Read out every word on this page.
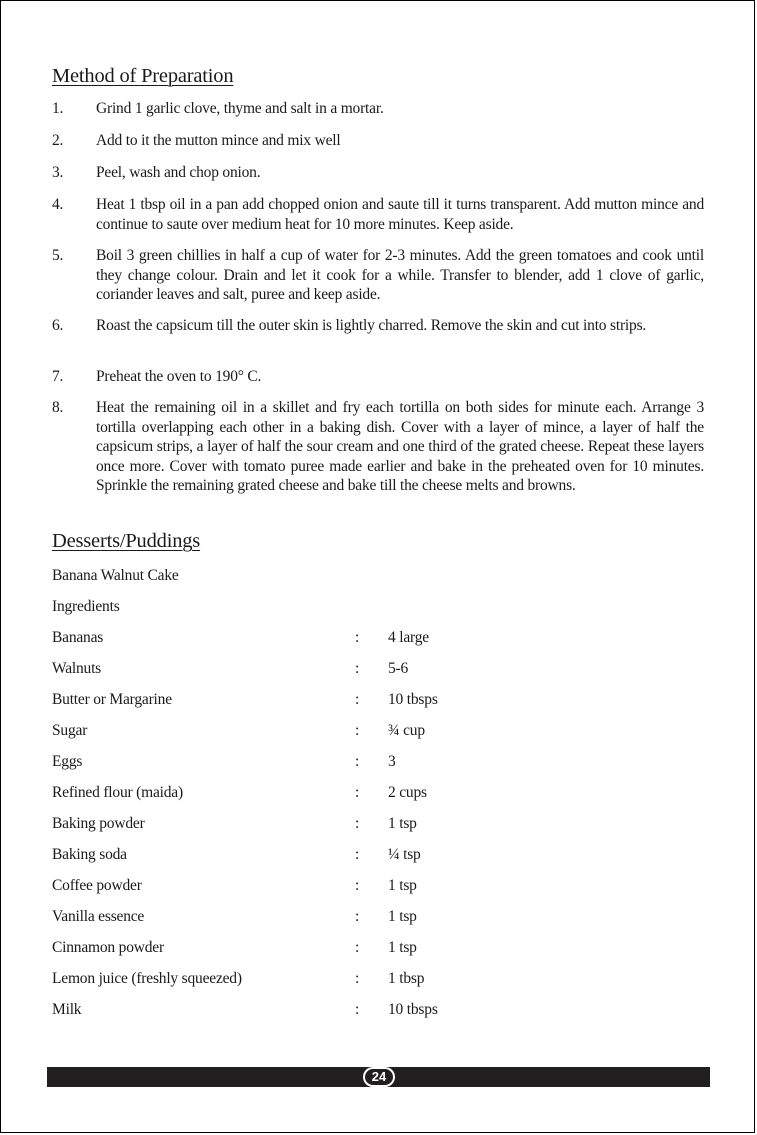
Method of Preparation
1. Grind 1 garlic clove, thyme and salt in a mortar.
2. Add to it the mutton mince and mix well
3. Peel, wash and chop onion.
4. Heat 1 tbsp oil in a pan add chopped onion and saute till it turns transparent. Add mutton mince and continue to saute over medium heat for 10 more minutes. Keep aside.
5. Boil 3 green chillies in half a cup of water for 2-3 minutes. Add the green tomatoes and cook until they change colour. Drain and let it cook for a while. Transfer to blender, add 1 clove of garlic, coriander leaves and salt, puree and keep aside.
6. Roast the capsicum till the outer skin is lightly charred. Remove the skin and cut into strips.
7. Preheat the oven to 190° C.
8. Heat the remaining oil in a skillet and fry each tortilla on both sides for minute each. Arrange 3 tortilla overlapping each other in a baking dish. Cover with a layer of mince, a layer of half the capsicum strips, a layer of half the sour cream and one third of the grated cheese. Repeat these layers once more. Cover with tomato puree made earlier and bake in the preheated oven for 10 minutes. Sprinkle the remaining grated cheese and bake till the cheese melts and browns.
Desserts/Puddings
Banana Walnut Cake
Ingredients
Bananas	: 4 large
Walnuts	: 5-6
Butter or Margarine	: 10 tbsps
Sugar	: ¾ cup
Eggs	: 3
Refined flour (maida)	: 2 cups
Baking powder	: 1 tsp
Baking soda	: ¼ tsp
Coffee powder	: 1 tsp
Vanilla essence	: 1 tsp
Cinnamon powder	: 1 tsp
Lemon juice (freshly squeezed)	: 1 tbsp
Milk	: 10 tbsps
24
